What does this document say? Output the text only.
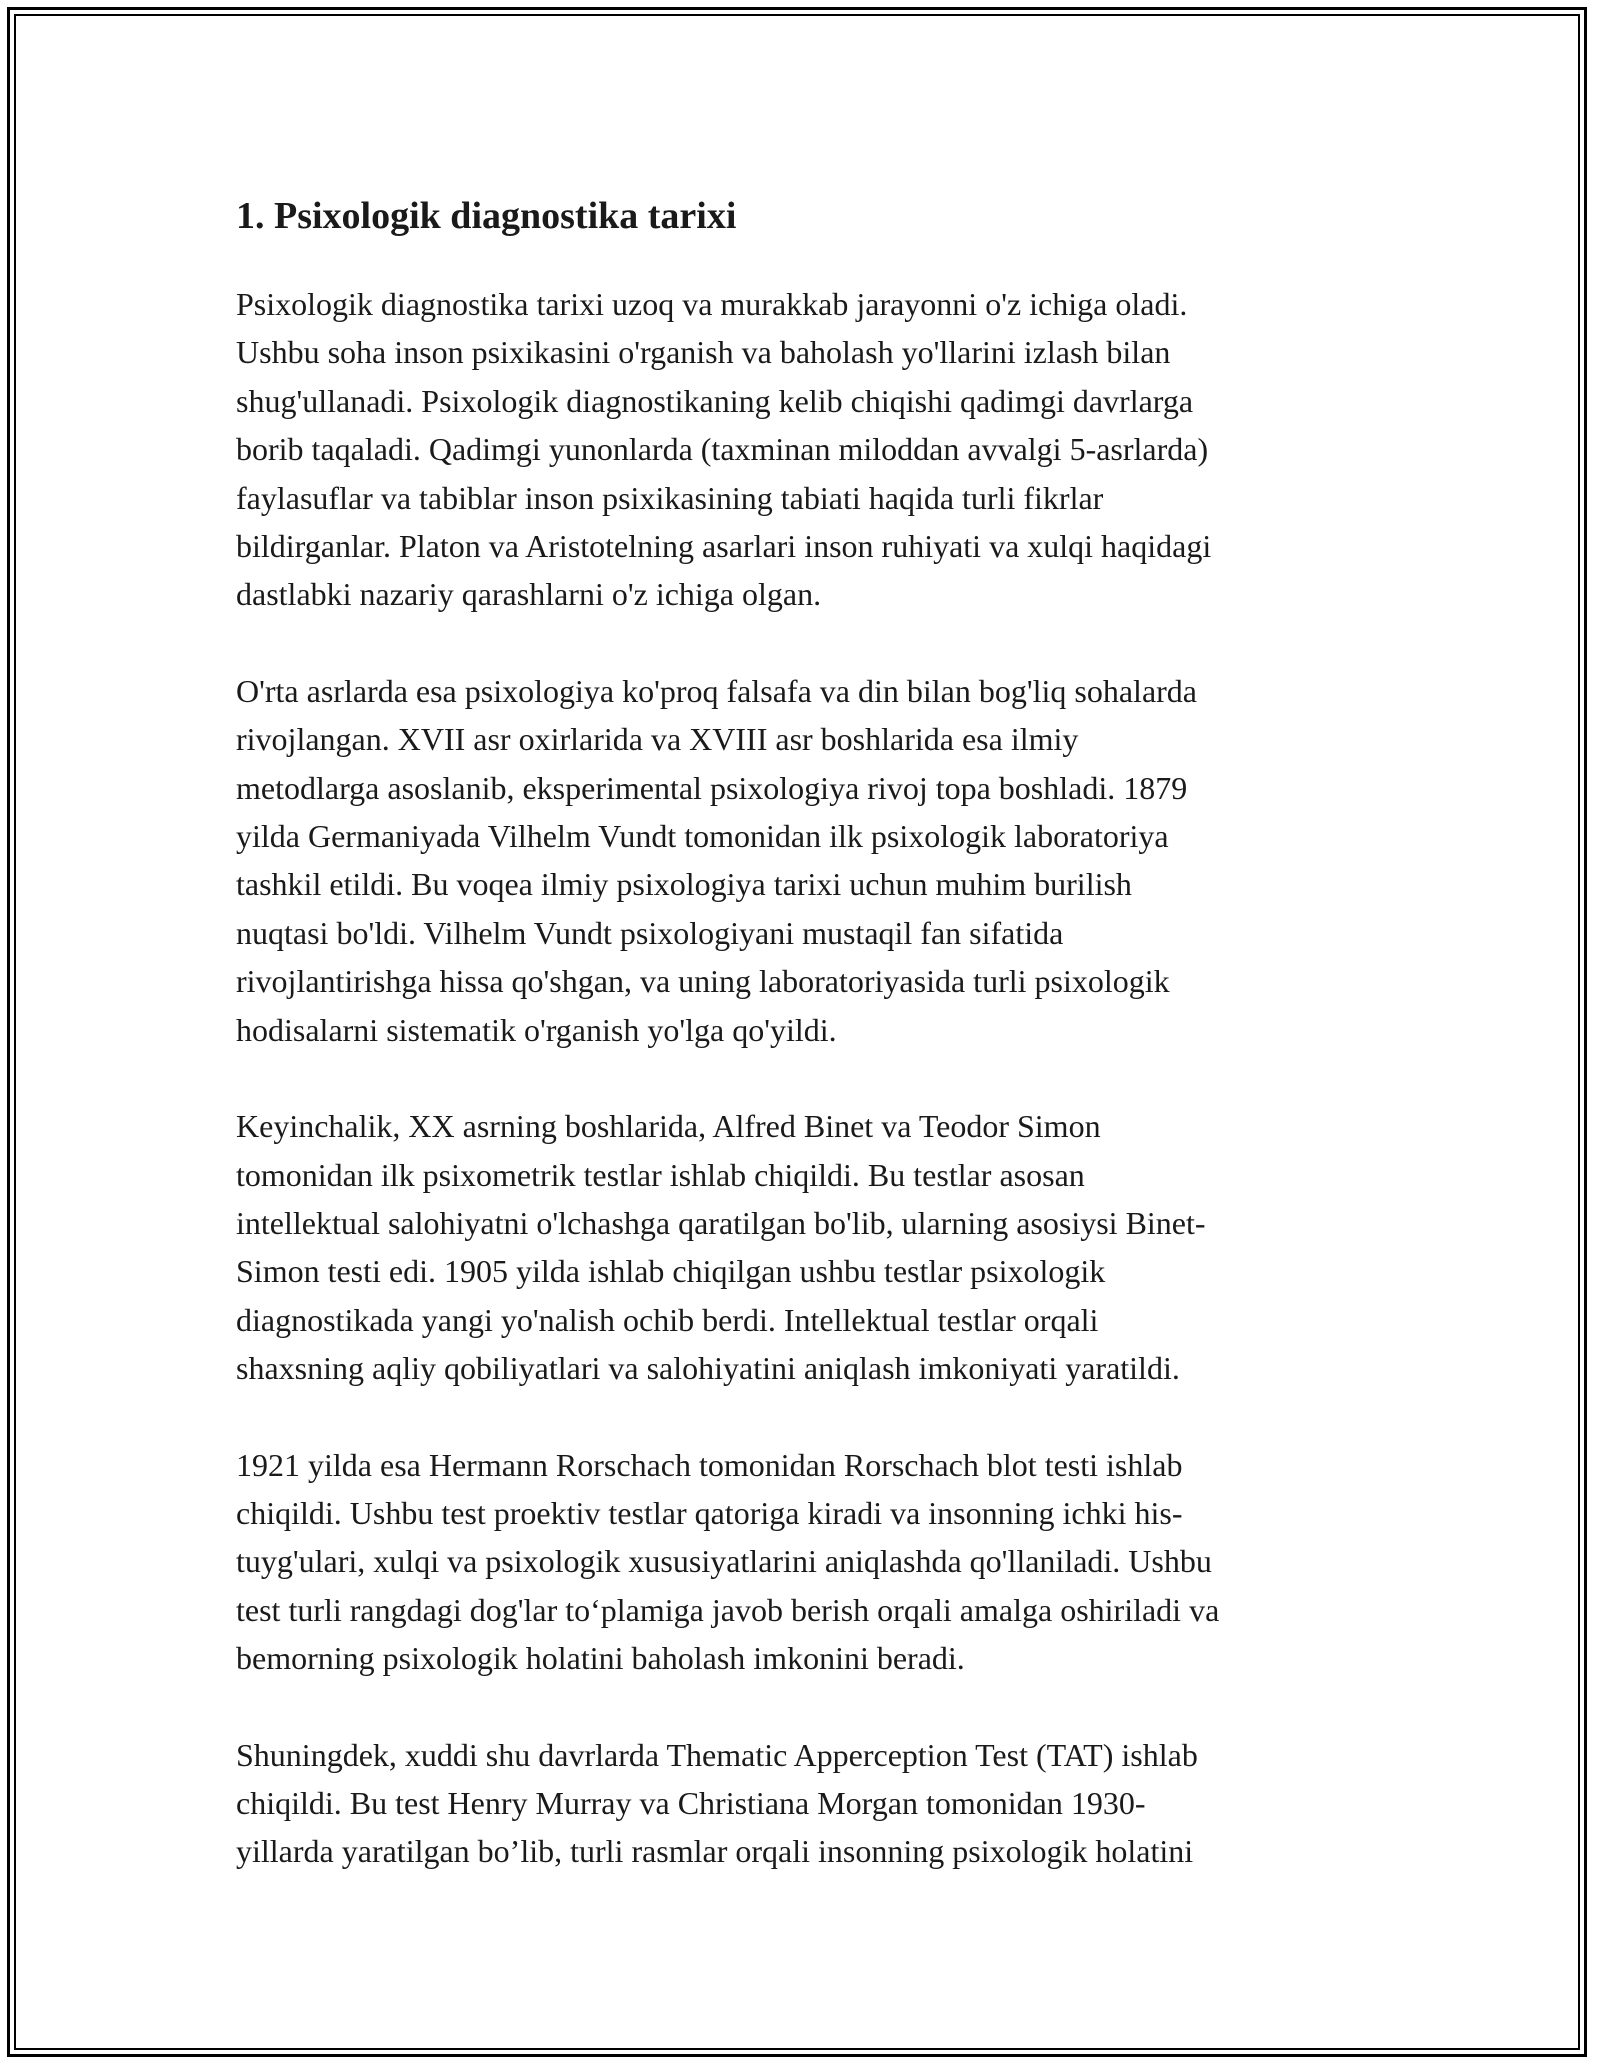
1. Psixologik diagnostika tarixi

Psixologik diagnostika tarixi uzoq va murakkab jarayonni o'z ichiga oladi.
Ushbu soha inson psixikasini o'rganish va baholash yo'llarini izlash bilan
shug'ullanadi. Psixologik diagnostikaning kelib chiqishi qadimgi davrlarga
borib taqaladi. Qadimgi yunonlarda (taxminan miloddan avvalgi 5-asrlarda)
faylasuflar va tabiblar inson psixikasining tabiati haqida turli fikrlar
bildirganlar. Platon va Aristotelning asarlari inson ruhiyati va xulqi haqidagi
dastlabki nazariy qarashlarni o'z ichiga olgan.

O'rta asrlarda esa psixologiya ko'proq falsafa va din bilan bog'liq sohalarda
rivojlangan. XVII asr oxirlarida va XVIII asr boshlarida esa ilmiy
metodlarga asoslanib, eksperimental psixologiya rivoj topa boshladi. 1879
yilda Germaniyada Vilhelm Vundt tomonidan ilk psixologik laboratoriya
tashkil etildi. Bu voqea ilmiy psixologiya tarixi uchun muhim burilish
nuqtasi bo'ldi. Vilhelm Vundt psixologiyani mustaqil fan sifatida
rivojlantirishga hissa qo'shgan, va uning laboratoriyasida turli psixologik
hodisalarni sistematik o'rganish yo'lga qo'yildi.

Keyinchalik, XX asrning boshlarida, Alfred Binet va Teodor Simon
tomonidan ilk psixometrik testlar ishlab chiqildi. Bu testlar asosan
intellektual salohiyatni o'lchashga qaratilgan bo'lib, ularning asosiysi Binet-
Simon testi edi. 1905 yilda ishlab chiqilgan ushbu testlar psixologik
diagnostikada yangi yo'nalish ochib berdi. Intellektual testlar orqali
shaxsning aqliy qobiliyatlari va salohiyatini aniqlash imkoniyati yaratildi.

1921 yilda esa Hermann Rorschach tomonidan Rorschach blot testi ishlab
chiqildi. Ushbu test proektiv testlar qatoriga kiradi va insonning ichki his-
tuyg'ulari, xulqi va psixologik xususiyatlarini aniqlashda qo'llaniladi. Ushbu
test turli rangdagi dog'lar to‘plamiga javob berish orqali amalga oshiriladi va
bemorning psixologik holatini baholash imkonini beradi.

Shuningdek, xuddi shu davrlarda Thematic Apperception Test (TAT) ishlab
chiqildi. Bu test Henry Murray va Christiana Morgan tomonidan 1930-
yillarda yaratilgan bo’lib, turli rasmlar orqali insonning psixologik holatini
